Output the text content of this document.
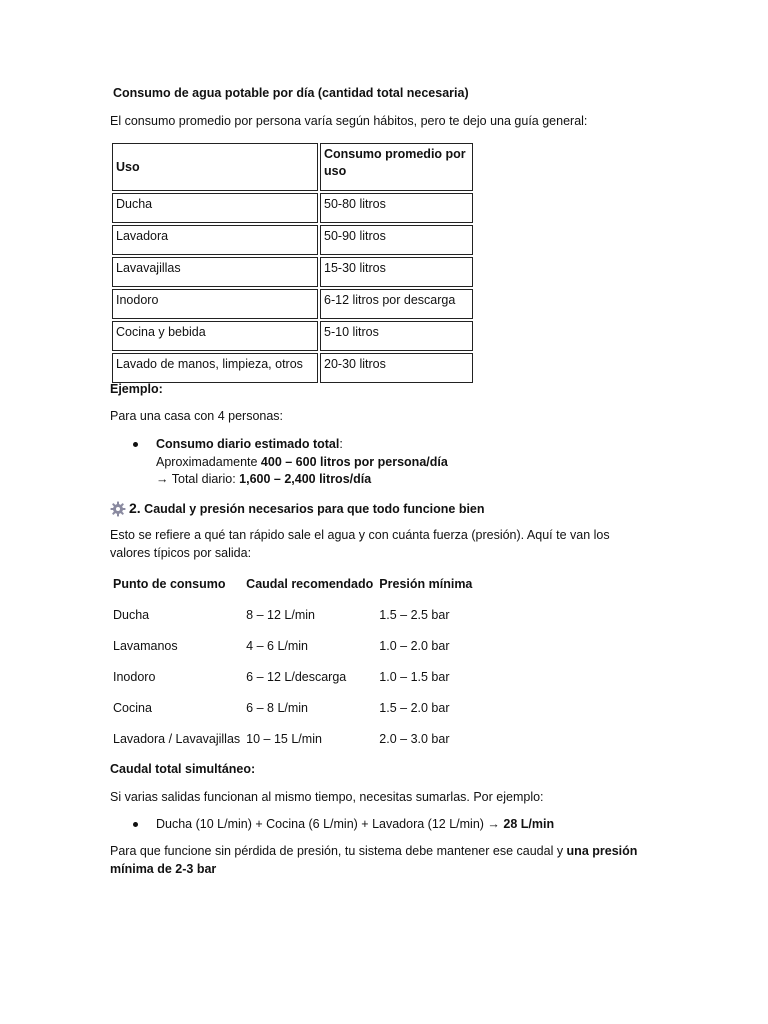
Consumo de agua potable por día (cantidad total necesaria)
El consumo promedio por persona varía según hábitos, pero te dejo una guía general:
Uso	Consumo promedio por uso
Ducha	50-80 litros
Lavadora	50-90 litros
Lavavajillas	15-30 litros
Inodoro	6-12 litros por descarga
Cocina y bebida	5-10 litros
Lavado de manos, limpieza, otros	20-30 litros
Ejemplo:
Para una casa con 4 personas:
Consumo diario estimado total:
Aproximadamente 400 – 600 litros por persona/día
→ Total diario: 1,600 – 2,400 litros/día
2. Caudal y presión necesarios para que todo funcione bien
Esto se refiere a qué tan rápido sale el agua y con cuánta fuerza (presión). Aquí te van los
valores típicos por salida:
Punto de consumo	Caudal recomendado	Presión mínima
Ducha	8 – 12 L/min	1.5 – 2.5 bar
Lavamanos	4 – 6 L/min	1.0 – 2.0 bar
Inodoro	6 – 12 L/descarga	1.0 – 1.5 bar
Cocina	6 – 8 L/min	1.5 – 2.0 bar
Lavadora / Lavavajillas	10 – 15 L/min	2.0 – 3.0 bar
Caudal total simultáneo:
Si varias salidas funcionan al mismo tiempo, necesitas sumarlas. Por ejemplo:
Ducha (10 L/min) + Cocina (6 L/min) + Lavadora (12 L/min) → 28 L/min
Para que funcione sin pérdida de presión, tu sistema debe mantener ese caudal y una presión
mínima de 2-3 bar
